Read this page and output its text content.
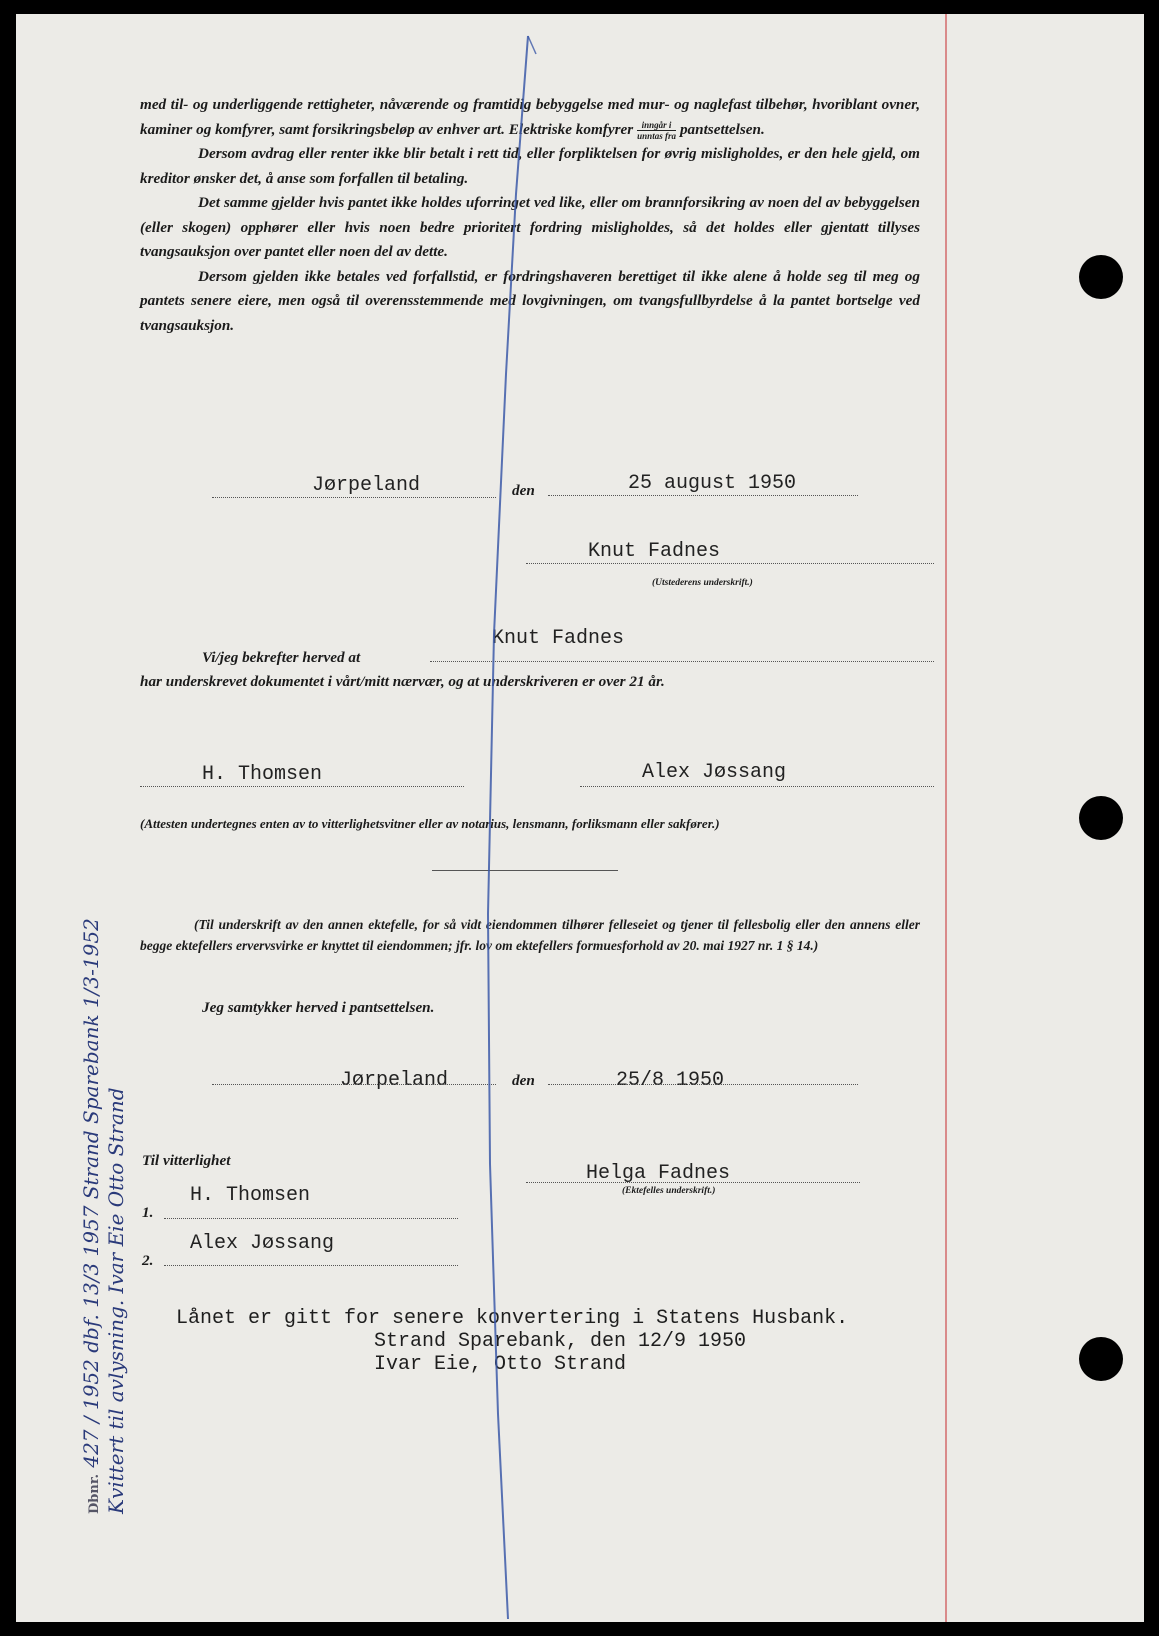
med til- og underliggende rettigheter, nåværende og framtidig bebyggelse med mur- og naglefast tilbehør, hvoriblant ovner, kaminer og komfyrer, samt forsikringsbeløp av enhver art. Elektriske komfyrer $\frac{\text{inngår i}}{\text{unntas fra}}$ pantsettelsen.

Dersom avdrag eller renter ikke blir betalt i rett tid, eller forpliktelsen for øvrig misligholdes, er den hele gjeld, om kreditor ønsker det, å anse som forfallen til betaling.

Det samme gjelder hvis pantet ikke holdes uforringet ved like, eller om brannforsikring av noen del av bebyggelsen (eller skogen) opphører eller hvis noen bedre prioritert fordring misligholdes, så det holdes eller gjentatt tillyses tvangsauksjon over pantet eller noen del av dette.

Dersom gjelden ikke betales ved forfallstid, er fordringshaveren berettiget til ikke alene å holde seg til meg og pantets senere eiere, men også til overensstemmende med lovgivningen, om tvangsfullbyrdelse å la pantet bortselge ved tvangsauksjon.

Jørpeland	den	25 august 1950
Knut Fadnes
(Utstederens underskrift.)
Vi/jeg bekrefter herved at
Knut Fadnes
har underskrevet dokumentet i vårt/mitt nærvær, og at underskriveren er over 21 år.
H. Thomsen	Alex Jøssang
(Attesten undertegnes enten av to vitterlighetsvitner eller av notarius, lensmann, forliksmann eller sakfører.)

(Til underskrift av den annen ektefelle, for så vidt eiendommen tilhører felleseiet og tjener til fellesbolig eller den annens eller begge ektefellers ervervsvirke er knyttet til eiendommen; jfr. lov om ektefellers formuesforhold av 20. mai 1927 nr. 1 § 14.)

Jeg samtykker herved i pantsettelsen.
Jørpeland	den	25/8 1950
Til vitterlighet
1.
H. Thomsen
2.
Alex Jøssang
Helga Fadnes
(Ektefelles underskrift.)
Lånet er gitt for senere konvertering i Statens Husbank.
Strand Sparebank, den 12/9 1950
Ivar Eie, Otto Strand
Dbnr. 427 / 1952 dbf. 13/3 1957 Strand Sparebank 1/3-1952 Kvittert til avlysning. Ivar Eie Otto Strand
